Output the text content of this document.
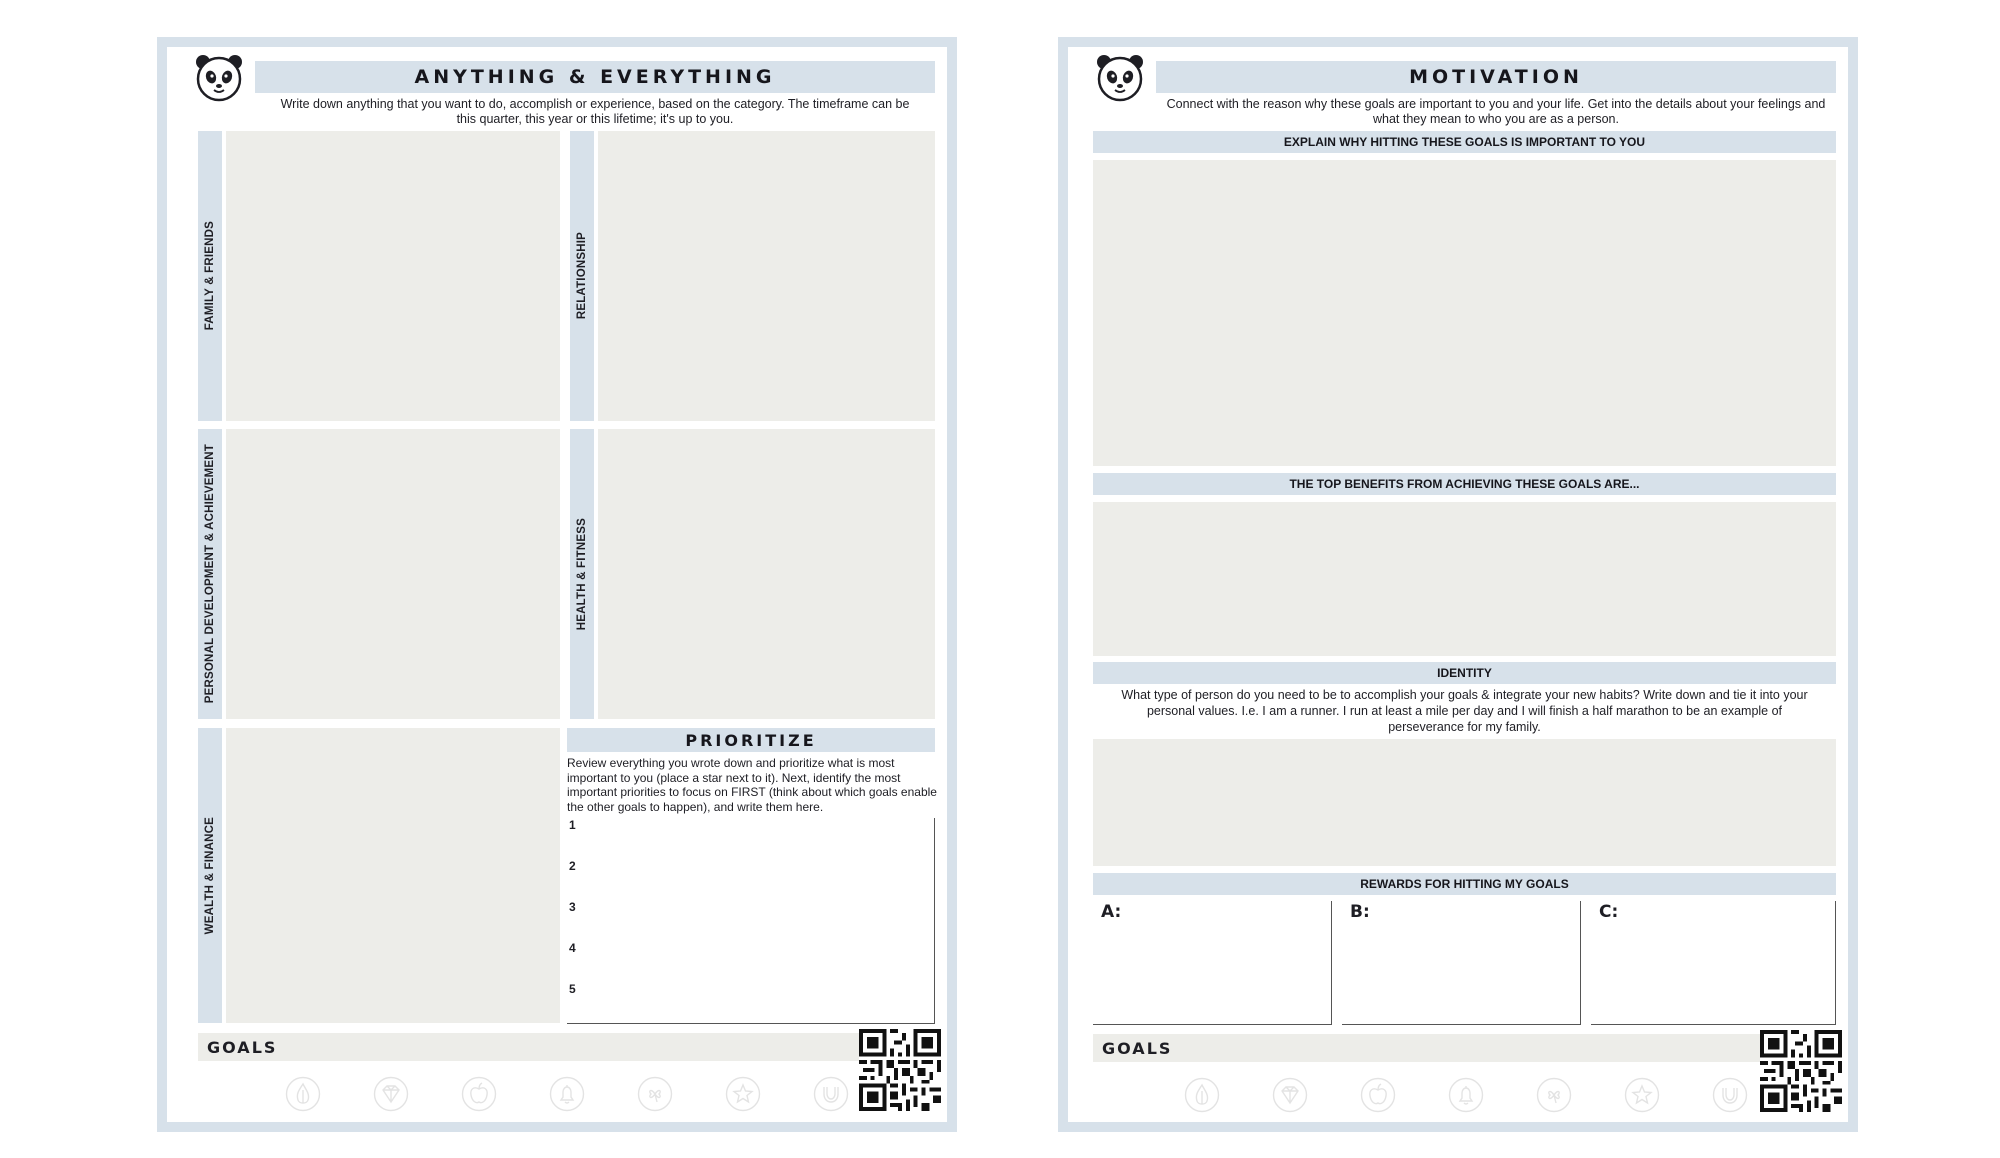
ANYTHING & EVERYTHING
Write down anything that you want to do, accomplish or experience, based on the category. The timeframe can be this quarter, this year or this lifetime; it's up to you.
FAMILY & FRIENDS	RELATIONSHIP
PERSONAL DEVELOPMENT & ACHIEVEMENT	HEALTH & FITNESS
WEALTH & FINANCE
PRIORITIZE
Review everything you wrote down and prioritize what is most important to you (place a star next to it). Next, identify the most important priorities to focus on FIRST (think about which goals enable the other goals to happen), and write them here.
1
2
3
4
5
GOALS
MOTIVATION
Connect with the reason why these goals are important to you and your life. Get into the details about your feelings and what they mean to who you are as a person.
EXPLAIN WHY HITTING THESE GOALS IS IMPORTANT TO YOU
THE TOP BENEFITS FROM ACHIEVING THESE GOALS ARE...
IDENTITY
What type of person do you need to be to accomplish your goals & integrate your new habits? Write down and tie it into your personal values. I.e. I am a runner. I run at least a mile per day and I will finish a half marathon to be an example of perseverance for my family.
REWARDS FOR HITTING MY GOALS
A:	B:	C:
GOALS
